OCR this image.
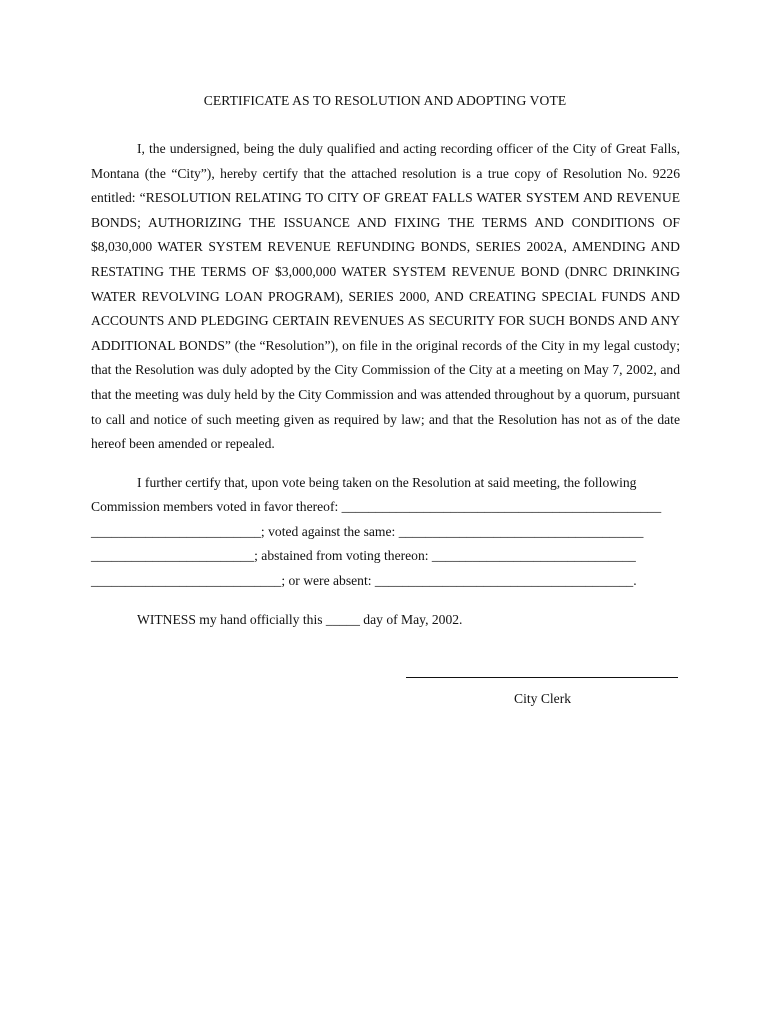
CERTIFICATE AS TO RESOLUTION AND ADOPTING VOTE

I, the undersigned, being the duly qualified and acting recording officer of the City of Great Falls, Montana (the “City”), hereby certify that the attached resolution is a true copy of Resolution No. 9226 entitled: “RESOLUTION RELATING TO CITY OF GREAT FALLS WATER SYSTEM AND REVENUE BONDS; AUTHORIZING THE ISSUANCE AND FIXING THE TERMS AND CONDITIONS OF $8,030,000 WATER SYSTEM REVENUE REFUNDING BONDS, SERIES 2002A, AMENDING AND RESTATING THE TERMS OF $3,000,000 WATER SYSTEM REVENUE BOND (DNRC DRINKING WATER REVOLVING LOAN PROGRAM), SERIES 2000, AND CREATING SPECIAL FUNDS AND ACCOUNTS AND PLEDGING CERTAIN REVENUES AS SECURITY FOR SUCH BONDS AND ANY ADDITIONAL BONDS” (the “Resolution”), on file in the original records of the City in my legal custody; that the Resolution was duly adopted by the City Commission of the City at a meeting on May 7, 2002, and that the meeting was duly held by the City Commission and was attended throughout by a quorum, pursuant to call and notice of such meeting given as required by law; and that the Resolution has not as of the date hereof been amended or repealed.

I further certify that, upon vote being taken on the Resolution at said meeting, the following
Commission members voted in favor thereof: _______________________________________________
_________________________; voted against the same: ____________________________________
________________________; abstained from voting thereon: ______________________________
____________________________; or were absent: ______________________________________.
WITNESS my hand officially this _____ day of May, 2002.
City Clerk
